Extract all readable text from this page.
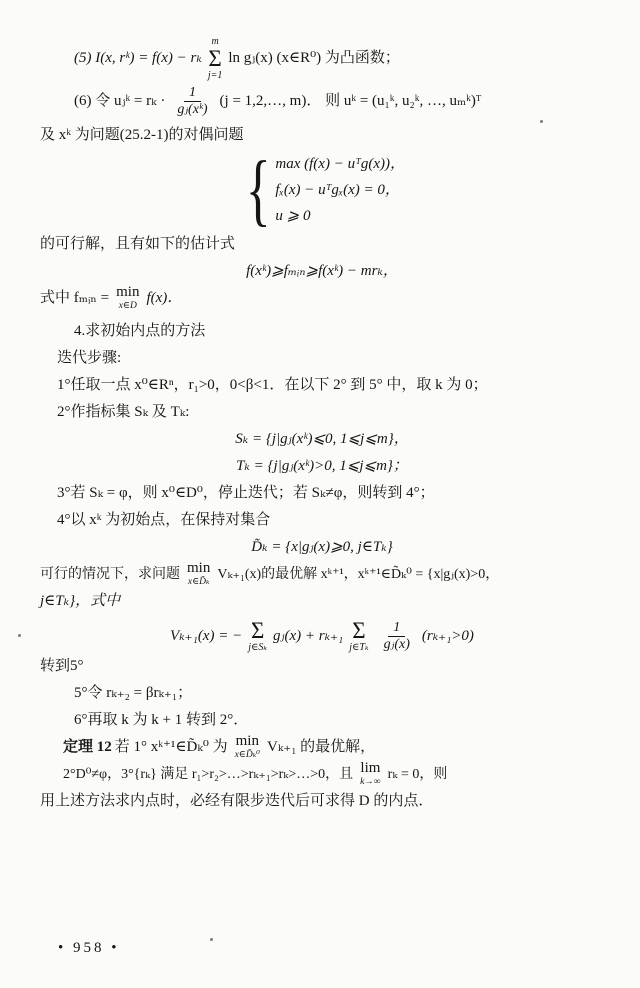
(5) I(x, rᵏ) = f(x) − rₖ
m
Σ
j=1
ln gⱼ(x) (x∈R⁰) 为凸函数；
(6) 令 uⱼᵏ = $r_k \cdot \frac{1}{\text{gⱼ(xᵏ)}} (j$ = 1,2,…, m)． 则 uᵏ = (u₁ᵏ, u₂ᵏ, …, uₘᵏ)ᵀ
及 xᵏ 为问题(25.2-1)的对偶问题
{ max (f(x) − uᵀg(x))，
fₓ(x) − uᵀgₓ(x) = 0，
u ⩾ 0
的可行解，且有如下的估计式
f(xᵏ)⩾fₘᵢₙ⩾f(xᵏ) − mrₖ，
式中 fₘᵢₙ = min
x∈D
f(x)．
4.求初始内点的方法
迭代步骤:
1°任取一点 x⁰∈Rⁿ，r₁>0，0<β<1．在以下 2° 到 5° 中，取 k 为 0；
2°作指标集 Sₖ 及 Tₖ:
Sₖ = {j|gⱼ(xᵏ)⩽0, 1⩽j⩽m}，
Tₖ = {j|gⱼ(xᵏ)>0, 1⩽j⩽m}；
3°若 Sₖ = φ，则 x⁰∈D⁰，停止迭代；若 Sₖ≠φ，则转到 4°；
4°以 xᵏ 为初始点，在保持对集合
D̃ₖ = {x|gⱼ(x)⩾0, j∈Tₖ}
可行的情况下，求问题 min
x∈D̃ₖ
Vₖ₊₁(x)的最优解 xᵏ⁺¹，xᵏ⁺¹∈D̃ₖ⁰ = {x|gⱼ(x)>0，
j∈Tₖ}，式中
Vₖ₊₁(x) = − Σ
j∈Sₖ
gⱼ(x) + rₖ₊₁ Σ
j∈Tₖ $\frac{1}{\text{gⱼ(x)}} (r_{k+1}>0)$
转到5°
5°令 rₖ₊₂ = βrₖ₊₁；
6°再取 k 为 k + 1 转到 2°．
定理 12 若 1° xᵏ⁺¹∈D̃ₖ⁰ 为 min
x∈D̃ₖ⁰
Vₖ₊₁ 的最优解，
2°D⁰≠φ，3°{rₖ} 满足 r₁>r₂>…>rₖ₊₁>rₖ>…>0，且 lim
k→∞
rₖ = 0，则
用上述方法求内点时，必经有限步迭代后可求得 D 的内点．
• 958 •
